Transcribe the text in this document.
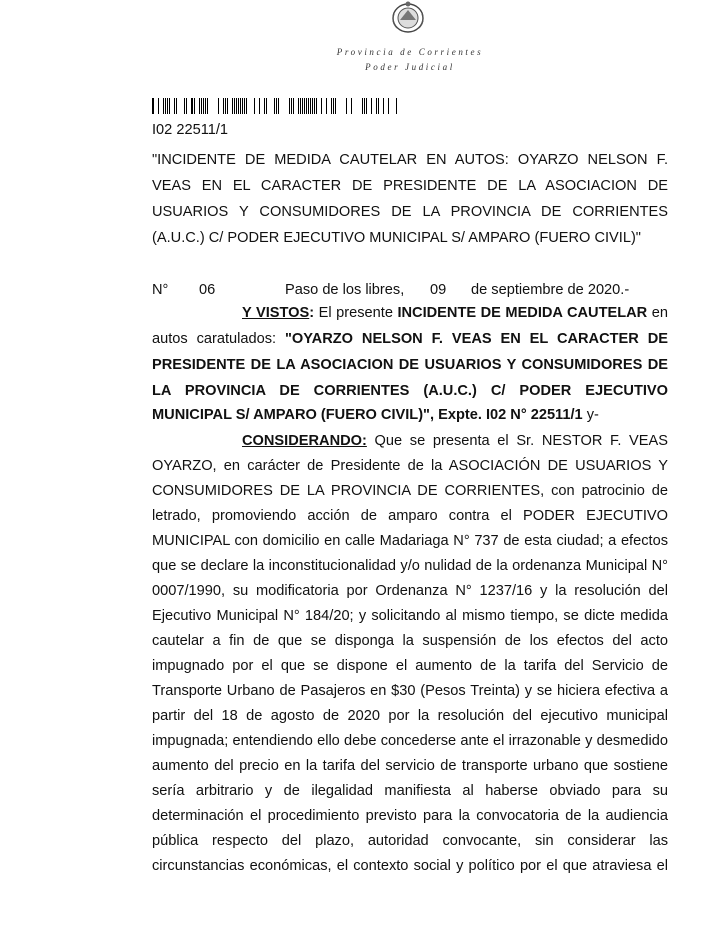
Provincia de Corrientes
Poder Judicial
I02 22511/1
"INCIDENTE DE MEDIDA CAUTELAR EN AUTOS: OYARZO NELSON F.
VEAS EN EL CARACTER DE PRESIDENTE DE LA ASOCIACION DE
USUARIOS Y CONSUMIDORES DE LA PROVINCIA DE CORRIENTES
(A.U.C.) C/ PODER EJECUTIVO MUNICIPAL S/ AMPARO (FUERO CIVIL)"
N° 06	Paso de los libres, 09 de septiembre de 2020.-
Y VISTOS: El presente INCIDENTE DE MEDIDA CAUTELAR en
autos caratulados: "OYARZO NELSON F. VEAS EN EL CARACTER DE
PRESIDENTE DE LA ASOCIACION DE USUARIOS Y CONSUMIDORES DE
LA PROVINCIA DE CORRIENTES (A.U.C.) C/ PODER EJECUTIVO
MUNICIPAL S/ AMPARO (FUERO CIVIL)", Expte. I02 N° 22511/1 y-
CONSIDERANDO: Que se presenta el Sr. NESTOR F. VEAS
OYARZO, en carácter de Presidente de la ASOCIACIÓN DE USUARIOS Y
CONSUMIDORES DE LA PROVINCIA DE CORRIENTES, con patrocinio de
letrado, promoviendo acción de amparo contra el PODER EJECUTIVO
MUNICIPAL con domicilio en calle Madariaga N° 737 de esta ciudad; a efectos
que se declare la inconstitucionalidad y/o nulidad de la ordenanza Municipal N°
0007/1990, su modificatoria por Ordenanza N° 1237/16 y la resolución del
Ejecutivo Municipal N° 184/20; y solicitando al mismo tiempo, se dicte medida
cautelar a fin de que se disponga la suspensión de los efectos del acto
impugnado por el que se dispone el aumento de la tarifa del Servicio de
Transporte Urbano de Pasajeros en $30 (Pesos Treinta) y se hiciera efectiva a
partir del 18 de agosto de 2020 por la resolución del ejecutivo municipal
impugnada; entendiendo ello debe concederse ante el irrazonable y desmedido
aumento del precio en la tarifa del servicio de transporte urbano que sostiene
sería arbitrario y de ilegalidad manifiesta al haberse obviado para su
determinación el procedimiento previsto para la convocatoria de la audiencia
pública respecto del plazo, autoridad convocante, sin considerar las
circunstancias económicas, el contexto social y político por el que atraviesa el
